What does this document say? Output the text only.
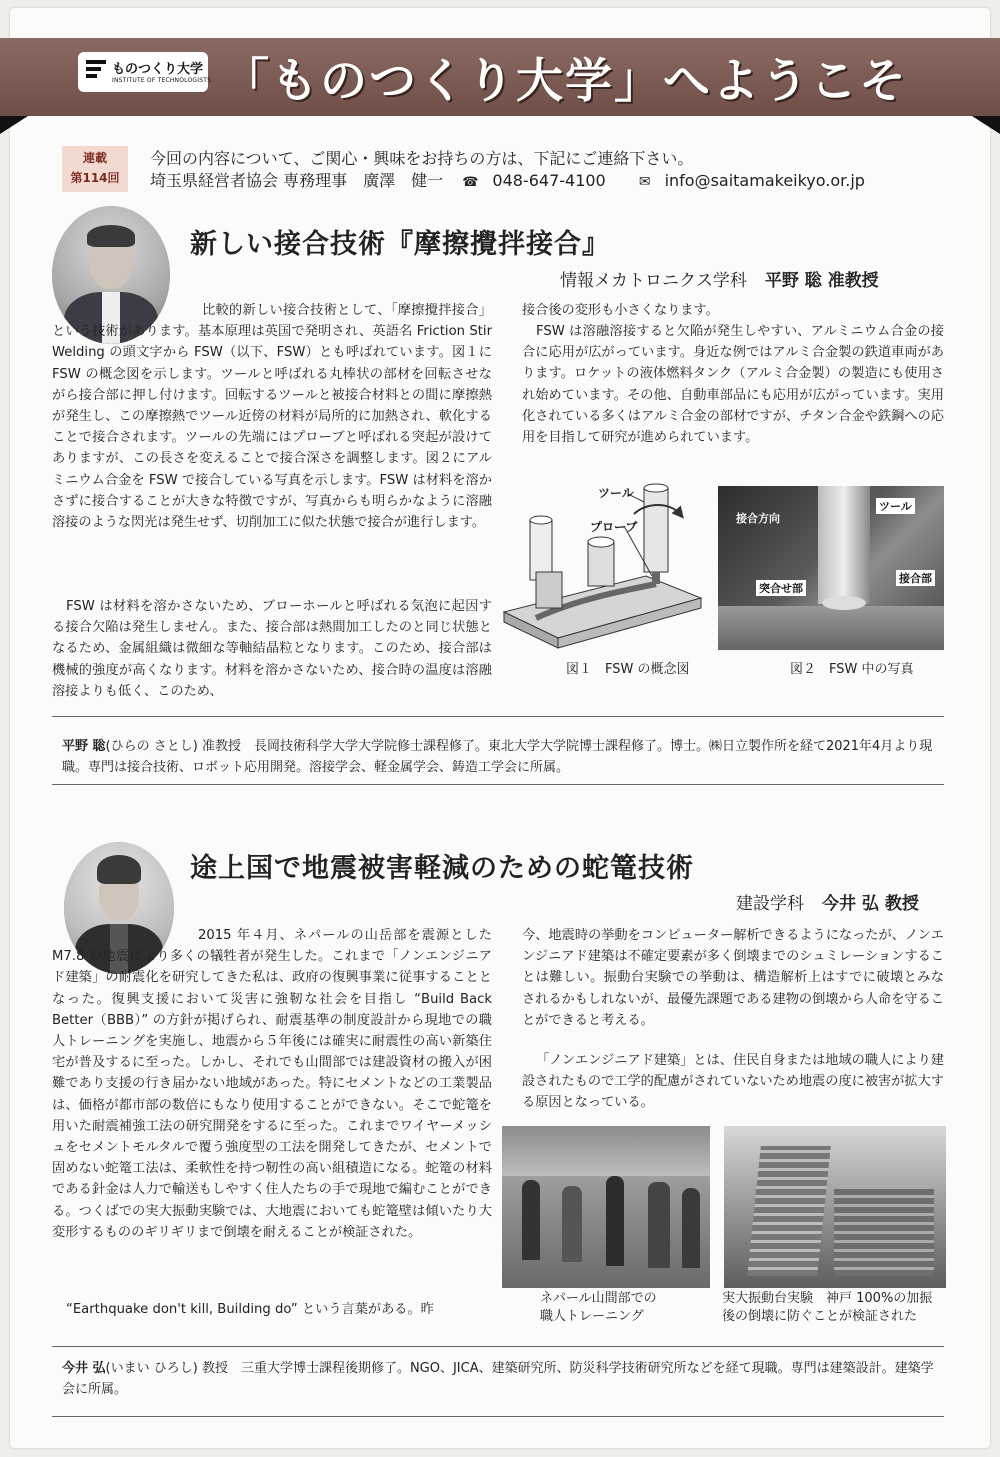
ものつくり大学
INSTITUTE OF TECHNOLOGISTS 「ものつくり大学」へようこそ
連載
第114回
今回の内容について、ご関心・興味をお持ちの方は、下記にご連絡下さい。
埼玉県経営者協会 専務理事　廣澤　健一 ☎ 048-647-4100 ✉ info@saitamakeikyo.or.jp
新しい接合技術『摩擦攪拌接合』
情報メカトロニクス学科 平野 聡 准教授

比較的新しい接合技術として、「摩擦攪拌接合」という技術があります。基本原理は英国で発明され、英語名 Friction Stir Welding の頭文字から FSW（以下、FSW）とも呼ばれています。図１に FSW の概念図を示します。ツールと呼ばれる丸棒状の部材を回転させながら接合部に押し付けます。回転するツールと被接合材料との間に摩擦熱が発生し、この摩擦熱でツール近傍の材料が局所的に加熱され、軟化することで接合されます。ツールの先端にはプローブと呼ばれる突起が設けてありますが、この長さを変えることで接合深さを調整します。図２にアルミニウム合金を FSW で接合している写真を示します。FSW は材料を溶かさずに接合することが大きな特徴ですが、写真からも明らかなように溶融溶接のような閃光は発生せず、切削加工に似た状態で接合が進行します。

FSW は材料を溶かさないため、ブローホールと呼ばれる気泡に起因する接合欠陥は発生しません。また、接合部は熱間加工したのと同じ状態となるため、金属組織は微細な等軸結晶粒となります。このため、接合部は機械的強度が高くなります。材料を溶かさないため、接合時の温度は溶融溶接よりも低く、このため、

接合後の変形も小さくなります。

FSW は溶融溶接すると欠陥が発生しやすい、アルミニウム合金の接合に応用が広がっています。身近な例ではアルミ合金製の鉄道車両があります。ロケットの液体燃料タンク（アルミ合金製）の製造にも使用され始めています。その他、自動車部品にも応用が広がっています。実用化されている多くはアルミ合金の部材ですが、チタン合金や鉄鋼への応用を目指して研究が進められています。

ツール
プローブ
図１　FSW の概念図
接合方向
ツール
突合せ部
接合部
図２　FSW 中の写真

平野 聡(ひらの さとし) 准教授　長岡技術科学大学大学院修士課程修了。東北大学大学院博士課程修了。博士。㈱日立製作所を経て2021年4月より現職。専門は接合技術、ロボット応用開発。溶接学会、軽金属学会、鋳造工学会に所属。

途上国で地震被害軽減のための蛇篭技術
建設学科 今井 弘 教授

2015 年４月、ネパールの山岳部を震源としたM7.8 の地震により多くの犠牲者が発生した。これまで「ノンエンジニアド建築」の耐震化を研究してきた私は、政府の復興事業に従事することとなった。復興支援において災害に強靭な社会を目指し “Build Back Better（BBB）” の方針が掲げられ、耐震基準の制度設計から現地での職人トレーニングを実施し、地震から５年後には確実に耐震性の高い新築住宅が普及するに至った。しかし、それでも山間部では建設資材の搬入が困難であり支援の行き届かない地域があった。特にセメントなどの工業製品は、価格が都市部の数倍にもなり使用することができない。そこで蛇篭を用いた耐震補強工法の研究開発をするに至った。これまでワイヤーメッシュをセメントモルタルで覆う強度型の工法を開発してきたが、セメントで固めない蛇篭工法は、柔軟性を持つ靭性の高い組積造になる。蛇篭の材料である針金は人力で輸送もしやすく住人たちの手で現地で編むことができる。つくばでの実大振動実験では、大地震においても蛇篭壁は傾いたり大変形するもののギリギリまで倒壊を耐えることが検証された。

“Earthquake don't kill, Building do” という言葉がある。昨

今、地震時の挙動をコンピューター解析できるようになったが、ノンエンジニアド建築は不確定要素が多く倒壊までのシュミレーションすることは難しい。振動台実験での挙動は、構造解析上はすでに破壊とみなされるかもしれないが、最優先課題である建物の倒壊から人命を守ることができると考える。

「ノンエンジニアド建築」とは、住民自身または地域の職人により建設されたもので工学的配慮がされていないため地震の度に被害が拡大する原因となっている。

ネパール山間部での
職人トレーニング

実大振動台実験　神戸 100%の加振
後の倒壊に防ぐことが検証された

今井 弘(いまい ひろし) 教授　三重大学博士課程後期修了。NGO、JICA、建築研究所、防災科学技術研究所などを経て現職。専門は建築設計。建築学会に所属。
